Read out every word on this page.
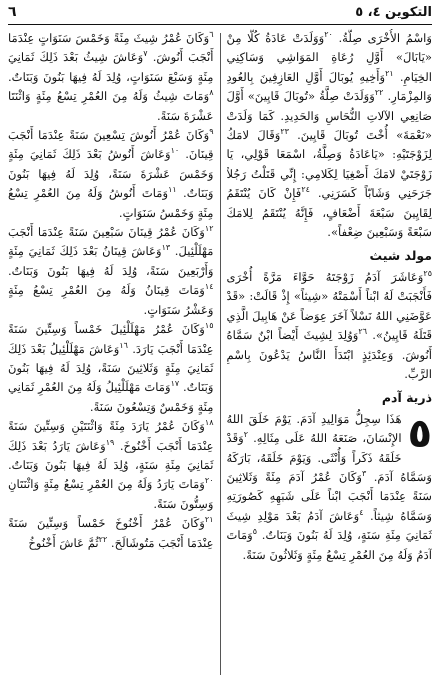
التكوين ٤، ٥
٦

وَاسْمُ الأُخْرَى صِلَّةُ. $^{٢٠}$وَوَلَدَتْ عَادَةُ كُلًّا مِنْ «يَابَالَ» أَوَّلِ رُعَاةِ المَوَاشِي وَسَاكِنِي الخِيَامِ. $^{٢١}$وَأَخِيهِ يُوبَالَ أَوَّلِ العَازِفِينَ بِالعُودِ وَالمِزْمَارِ. $^{٢٢}$وَوَلَدَتْ صِلَّةُ «تُوبَالَ قَايِينَ» أَوَّلَ صَانِعِي الآلاتِ النُّحَاسِ وَالحَدِيدِ. كَمَا وَلَدَتْ «نَعْمَةَ» أُخْتَ تُوبَالَ قَايِينَ. $^{٢٣}$وَقَالَ لامَكُ لِزَوْجَتَيْهِ: «يَاعَادَةُ وَصِلَّةُ، اسْمَعَا قَوْلِي، يَا زَوْجَتَيْ لامَكَ أَصْغِيَا لِكَلامِي: إِنِّي قَتَلْتُ رَجُلاً جَرَحَنِي وَشَابّاً كَسَرَنِي. $^{٢٤}$فَإِنْ كَانَ يُنْتَقَمُ لِقَايِينَ سَبْعَةَ أَضْعَافٍ، فَإِنَّهُ يُنْتَقَمُ لِلامَكَ سَبْعَةً وَسَبْعِينَ ضِعْفاً».

مولد شيث

$^{٢٥}$وَعَاشَرَ آدَمُ زَوْجَتَهُ حَوَّاءَ مَرَّةً أُخْرَى فَأَنْجَبَتْ لَهُ ابْناً أَسْمَتْهُ «شِيثاً» إِذْ قَالَتْ: «قَدْ عَوَّضَنِي اللهُ نَسْلاً آخَرَ عِوَضاً عَنْ هَابِيلَ الَّذِي قَتَلَهُ قَايِينُ». $^{٢٦}$وَوُلِدَ لِشِيثَ أَيْضاً ابْنٌ سَمَّاهُ أَنُوشَ. وَعِنْدَئِذٍ ابْتَدَأَ النَّاسُ يَدْعُونَ بِاسْمِ الرَّبِّ.

ذرية آدم

٥
هَذَا سِجِلُّ مَوَالِيدِ آدَمَ. يَوْمَ خَلَقَ اللهُ الإِنْسَانَ، صَنَعَهُ اللهُ عَلَى مِثَالِهِ. $^٢$وَقَدْ خَلَقَهُ ذَكَراً وَأُنْثَى. وَيَوْمَ خَلَقَهُ، بَارَكَهُ وَسَمَّاهُ آدَمَ. $^٣$وَكَانَ عُمْرُ آدَمَ مِئَةً وَثَلاثِينَ سَنَةً عِنْدَمَا أَنْجَبَ ابْناً عَلَى شَبَهِهِ كَصُورَتِهِ وَسَمَّاهُ شِيثاً. $^٤$وَعَاشَ آدَمُ بَعْدَ مَوْلِدِ شِيثَ ثَمَانِيَ مِئَةِ سَنَةٍ، وُلِدَ لَهُ بَنُونَ وَبَنَاتٌ. $^٥$وَمَاتَ آدَمُ وَلَهُ مِنَ العُمْرِ تِسْعُ مِئَةٍ وَثَلاثُونَ سَنَةً.

$^٦$وَكَانَ عُمْرُ شِيثَ مِئَةً وَخَمْسَ سَنَوَاتٍ عِنْدَمَا أَنْجَبَ أَنُوشَ. $^٧$وَعَاشَ شِيثُ بَعْدَ ذَلِكَ ثَمَانِيَ مِئَةٍ وَسَبْعَ سَنَوَاتٍ، وُلِدَ لَهُ فِيهَا بَنُونَ وَبَنَاتٌ. $^٨$وَمَاتَ شِيثُ وَلَهُ مِنَ العُمْرِ تِسْعُ مِئَةٍ وَاثْنَتَا عَشْرَةَ سَنَةً.

$^٩$وَكَانَ عُمْرُ أَنُوشَ تِسْعِينَ سَنَةً عِنْدَمَا أَنْجَبَ قِينَانَ. $^{١٠}$وَعَاشَ أَنُوشُ بَعْدَ ذَلِكَ ثَمَانِيَ مِئَةٍ وَخَمْسَ عَشْرَةَ سَنَةً، وُلِدَ لَهُ فِيهَا بَنُونَ وَبَنَاتٌ. $^{١١}$وَمَاتَ أَنُوشُ وَلَهُ مِنَ العُمْرِ تِسْعُ مِئَةٍ وَخَمْسُ سَنَوَاتٍ.

$^{١٢}$وَكَانَ عُمْرُ قِينَانَ سَبْعِينَ سَنَةً عِنْدَمَا أَنْجَبَ مَهْلَلْئِيلَ. $^{١٣}$وَعَاشَ قِينَانُ بَعْدَ ذَلِكَ ثَمَانِيَ مِئَةٍ وَأَرْبَعِينَ سَنَةً، وُلِدَ لَهُ فِيهَا بَنُونَ وَبَنَاتٌ. $^{١٤}$وَمَاتَ قِينَانُ وَلَهُ مِنَ العُمْرِ تِسْعُ مِئَةٍ وَعَشْرُ سَنَوَاتٍ.

$^{١٥}$وَكَانَ عُمْرُ مَهْلَلْئِيلَ خَمْساً وَسِتِّينَ سَنَةً عِنْدَمَا أَنْجَبَ يَارَدَ. $^{١٦}$وَعَاشَ مَهْلَلْئِيلُ بَعْدَ ذَلِكَ ثَمَانِيَ مِئَةٍ وَثَلاثِينَ سَنَةً، وُلِدَ لَهُ فِيهَا بَنُونَ وَبَنَاتٌ. $^{١٧}$وَمَاتَ مَهْلَلْئِيلُ وَلَهُ مِنَ العُمْرِ ثَمَانِي مِئَةٍ وَخَمْسٌ وَتِسْعُونَ سَنَةً.

$^{١٨}$وَكَانَ عُمْرُ يَارَدَ مِئَةً وَاثْنَتَيْنِ وَسِتِّينَ سَنَةً عِنْدَمَا أَنْجَبَ أَخْنُوخَ. $^{١٩}$وَعَاشَ يَارَدُ بَعْدَ ذَلِكَ ثَمَانِيَ مِئَةِ سَنَةٍ، وُلِدَ لَهُ فِيهَا بَنُونَ وَبَنَاتٌ. $^{٢٠}$وَمَاتَ يَارَدُ وَلَهُ مِنَ العُمْرِ تِسْعُ مِئَةٍ وَاثْنَتَانِ وَسِتُّونَ سَنَةً.

$^{٢١}$وَكَانَ عُمْرُ أَخْنُوخَ خَمْساً وَسِتِّينَ سَنَةً عِنْدَمَا أَنْجَبَ مَتُوشَالَحَ. $^{٢٢}$ثُمَّ عَاشَ أَخْنُوخُ
